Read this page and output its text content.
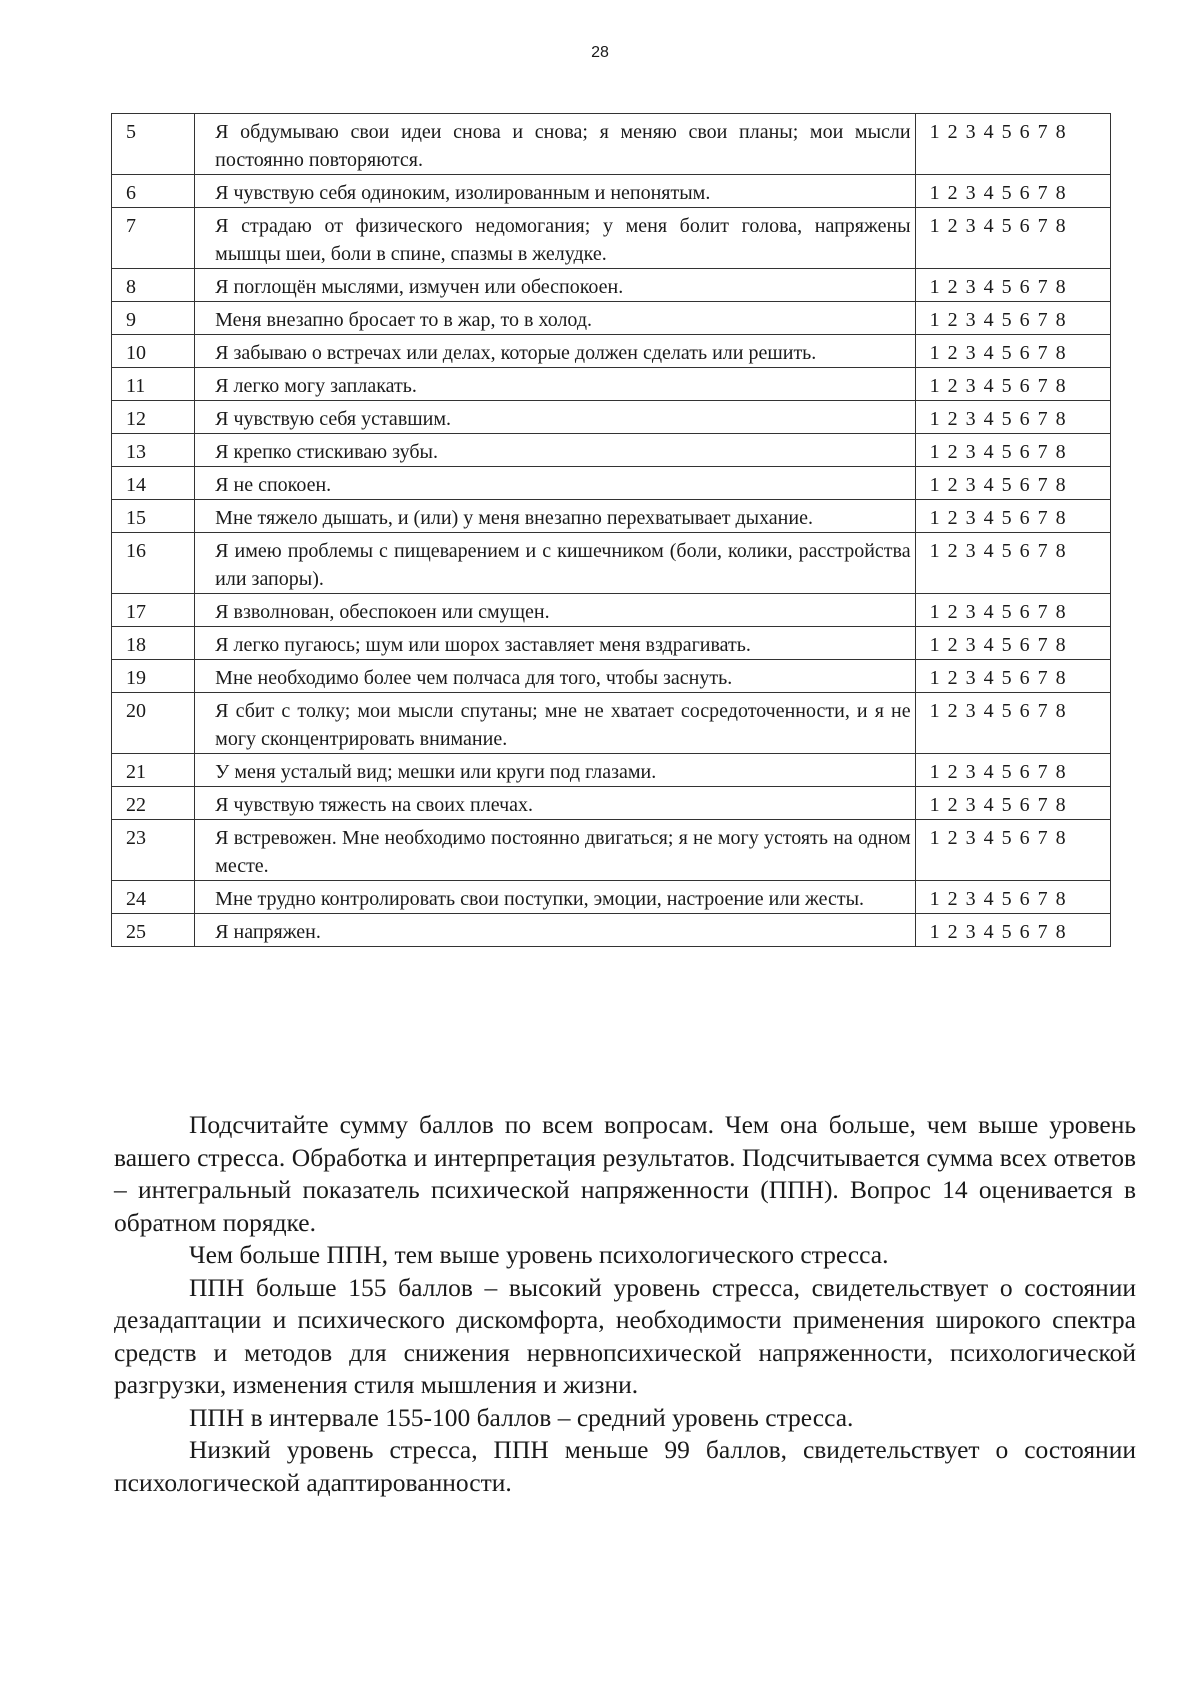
28
5	Я обдумываю свои идеи снова и снова; я меняю свои планы; мои мысли постоянно повторяются.	1 2 3 4 5 6 7 8
6	Я чувствую себя одиноким, изолированным и непонятым.	1 2 3 4 5 6 7 8
7	Я страдаю от физического недомогания; у меня болит голова, напряжены мышцы шеи, боли в спине, спазмы в желудке.	1 2 3 4 5 6 7 8
8	Я поглощён мыслями, измучен или обеспокоен.	1 2 3 4 5 6 7 8
9	Меня внезапно бросает то в жар, то в холод.	1 2 3 4 5 6 7 8
10	Я забываю о встречах или делах, которые должен сделать или решить.	1 2 3 4 5 6 7 8
11	Я легко могу заплакать.	1 2 3 4 5 6 7 8
12	Я чувствую себя уставшим.	1 2 3 4 5 6 7 8
13	Я крепко стискиваю зубы.	1 2 3 4 5 6 7 8
14	Я не спокоен.	1 2 3 4 5 6 7 8
15	Мне тяжело дышать, и (или) у меня внезапно перехватывает дыхание.	1 2 3 4 5 6 7 8
16	Я имею проблемы с пищеварением и с кишечником (боли, колики, расстройства или запоры).	1 2 3 4 5 6 7 8
17	Я взволнован, обеспокоен или смущен.	1 2 3 4 5 6 7 8
18	Я легко пугаюсь; шум или шорох заставляет меня вздрагивать.	1 2 3 4 5 6 7 8
19	Мне необходимо более чем полчаса для того, чтобы заснуть.	1 2 3 4 5 6 7 8
20	Я сбит с толку; мои мысли спутаны; мне не хватает сосредоточенности, и я не могу сконцентрировать внимание.	1 2 3 4 5 6 7 8
21	У меня усталый вид; мешки или круги под глазами.	1 2 3 4 5 6 7 8
22	Я чувствую тяжесть на своих плечах.	1 2 3 4 5 6 7 8
23	Я встревожен. Мне необходимо постоянно двигаться; я не могу устоять на одном месте.	1 2 3 4 5 6 7 8
24	Мне трудно контролировать свои поступки, эмоции, настроение или жесты.	1 2 3 4 5 6 7 8
25	Я напряжен.	1 2 3 4 5 6 7 8

Подсчитайте сумму баллов по всем вопросам. Чем она больше, чем выше уровень вашего стресса. Обработка и интерпретация результатов. Подсчитывается сумма всех ответов – интегральный показатель психической напряженности (ППН). Вопрос 14 оценивается в обратном порядке.

Чем больше ППН, тем выше уровень психологического стресса.

ППН больше 155 баллов – высокий уровень стресса, свидетельствует о состоянии дезадаптации и психического дискомфорта, необходимости применения широкого спектра средств и методов для снижения нервнопсихической напряженности, психологической разгрузки, изменения стиля мышления и жизни.

ППН в интервале 155-100 баллов – средний уровень стресса.

Низкий уровень стресса, ППН меньше 99 баллов, свидетельствует о состоянии психологической адаптированности.
